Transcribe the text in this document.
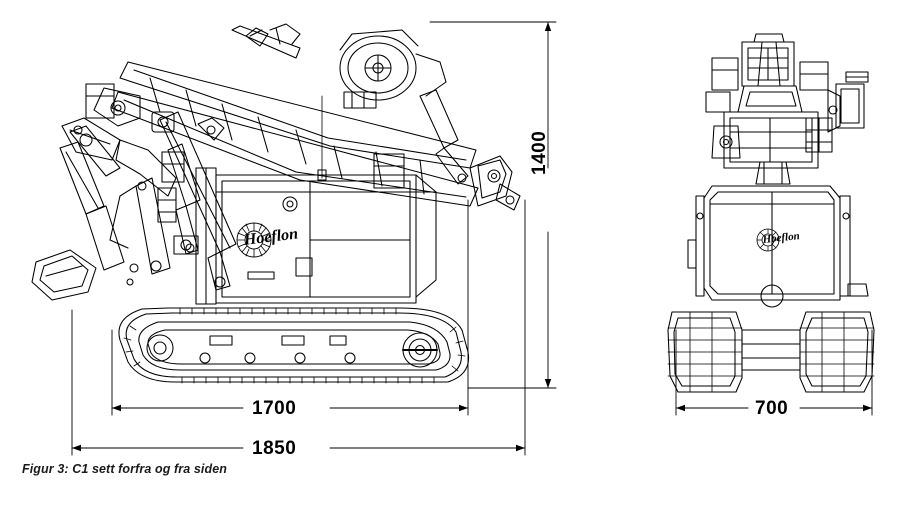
Hoeflon	Hoeflon
1700
1850
1400
700
Figur 3: C1 sett forfra og fra siden
